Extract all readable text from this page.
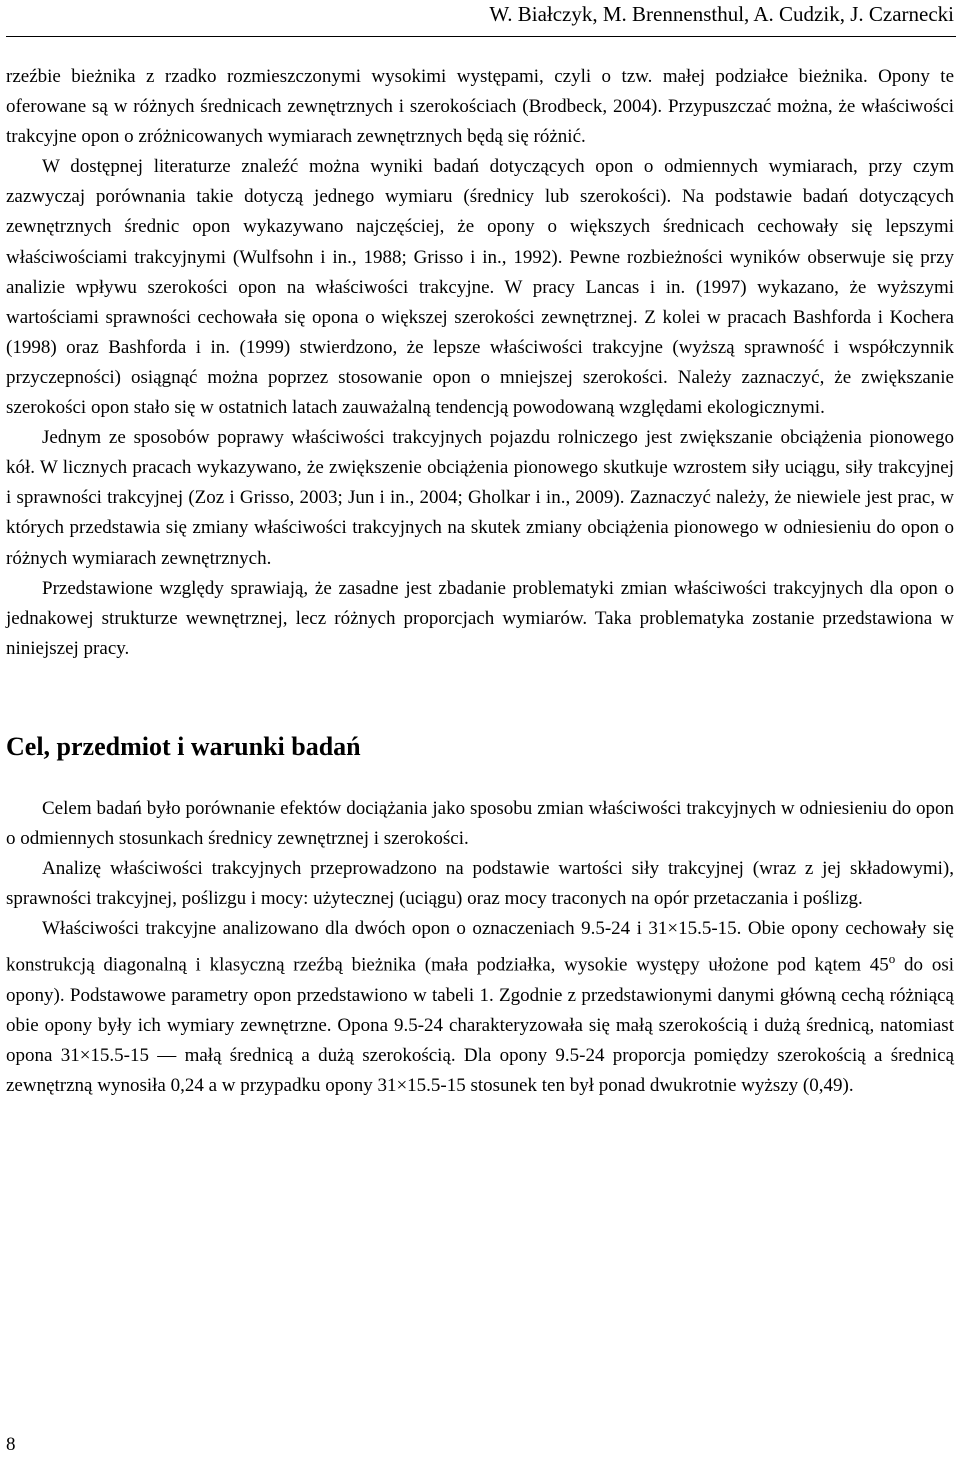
W. Białczyk, M. Brennensthul, A. Cudzik, J. Czarnecki

rzeźbie bieżnika z rzadko rozmieszczonymi wysokimi występami, czyli o tzw. małej podziałce bieżnika. Opony te oferowane są w różnych średnicach zewnętrznych i szerokościach (Brodbeck, 2004). Przypuszczać można, że właściwości trakcyjne opon o zróżnicowanych wymiarach zewnętrznych będą się różnić.

W dostępnej literaturze znaleźć można wyniki badań dotyczących opon o odmiennych wymiarach, przy czym zazwyczaj porównania takie dotyczą jednego wymiaru (średnicy lub szerokości). Na podstawie badań dotyczących zewnętrznych średnic opon wykazywano najczęściej, że opony o większych średnicach cechowały się lepszymi właściwościami trakcyjnymi (Wulfsohn i in., 1988; Grisso i in., 1992). Pewne rozbieżności wyników obserwuje się przy analizie wpływu szerokości opon na właściwości trakcyjne. W pracy Lancas i in. (1997) wykazano, że wyższymi wartościami sprawności cechowała się opona o większej szerokości zewnętrznej. Z kolei w pracach Bashforda i Kochera (1998) oraz Bashforda i in. (1999) stwierdzono, że lepsze właściwości trakcyjne (wyższą sprawność i współczynnik przyczepności) osiągnąć można poprzez stosowanie opon o mniejszej szerokości. Należy zaznaczyć, że zwiększanie szerokości opon stało się w ostatnich latach zauważalną tendencją powodowaną względami ekologicznymi.

Jednym ze sposobów poprawy właściwości trakcyjnych pojazdu rolniczego jest zwiększanie obciążenia pionowego kół. W licznych pracach wykazywano, że zwiększenie obciążenia pionowego skutkuje wzrostem siły uciągu, siły trakcyjnej i sprawności trakcyjnej (Zoz i Grisso, 2003; Jun i in., 2004; Gholkar i in., 2009). Zaznaczyć należy, że niewiele jest prac, w których przedstawia się zmiany właściwości trakcyjnych na skutek zmiany obciążenia pionowego w odniesieniu do opon o różnych wymiarach zewnętrznych.

Przedstawione względy sprawiają, że zasadne jest zbadanie problematyki zmian właściwości trakcyjnych dla opon o jednakowej strukturze wewnętrznej, lecz różnych proporcjach wymiarów. Taka problematyka zostanie przedstawiona w niniejszej pracy.

Cel, przedmiot i warunki badań

Celem badań było porównanie efektów dociążania jako sposobu zmian właściwości trakcyjnych w odniesieniu do opon o odmiennych stosunkach średnicy zewnętrznej i szerokości.

Analizę właściwości trakcyjnych przeprowadzono na podstawie wartości siły trakcyjnej (wraz z jej składowymi), sprawności trakcyjnej, poślizgu i mocy: użytecznej (uciągu) oraz mocy traconych na opór przetaczania i poślizg.

Właściwości trakcyjne analizowano dla dwóch opon o oznaczeniach 9.5-24 i 31×15.5-15. Obie opony cechowały się konstrukcją diagonalną i klasyczną rzeźbą bieżnika (mała podziałka, wysokie występy ułożone pod kątem 45$^o$ do osi opony). Podstawowe parametry opon przedstawiono w tabeli 1. Zgodnie z przedstawionymi danymi główną cechą różniącą obie opony były ich wymiary zewnętrzne. Opona 9.5-24 charakteryzowała się małą szerokością i dużą średnicą, natomiast opona 31×15.5-15 — małą średnicą a dużą szerokością. Dla opony 9.5-24 proporcja pomiędzy szerokością a średnicą zewnętrzną wynosiła 0,24 a w przypadku opony 31×15.5-15 stosunek ten był ponad dwukrotnie wyższy (0,49).

8
